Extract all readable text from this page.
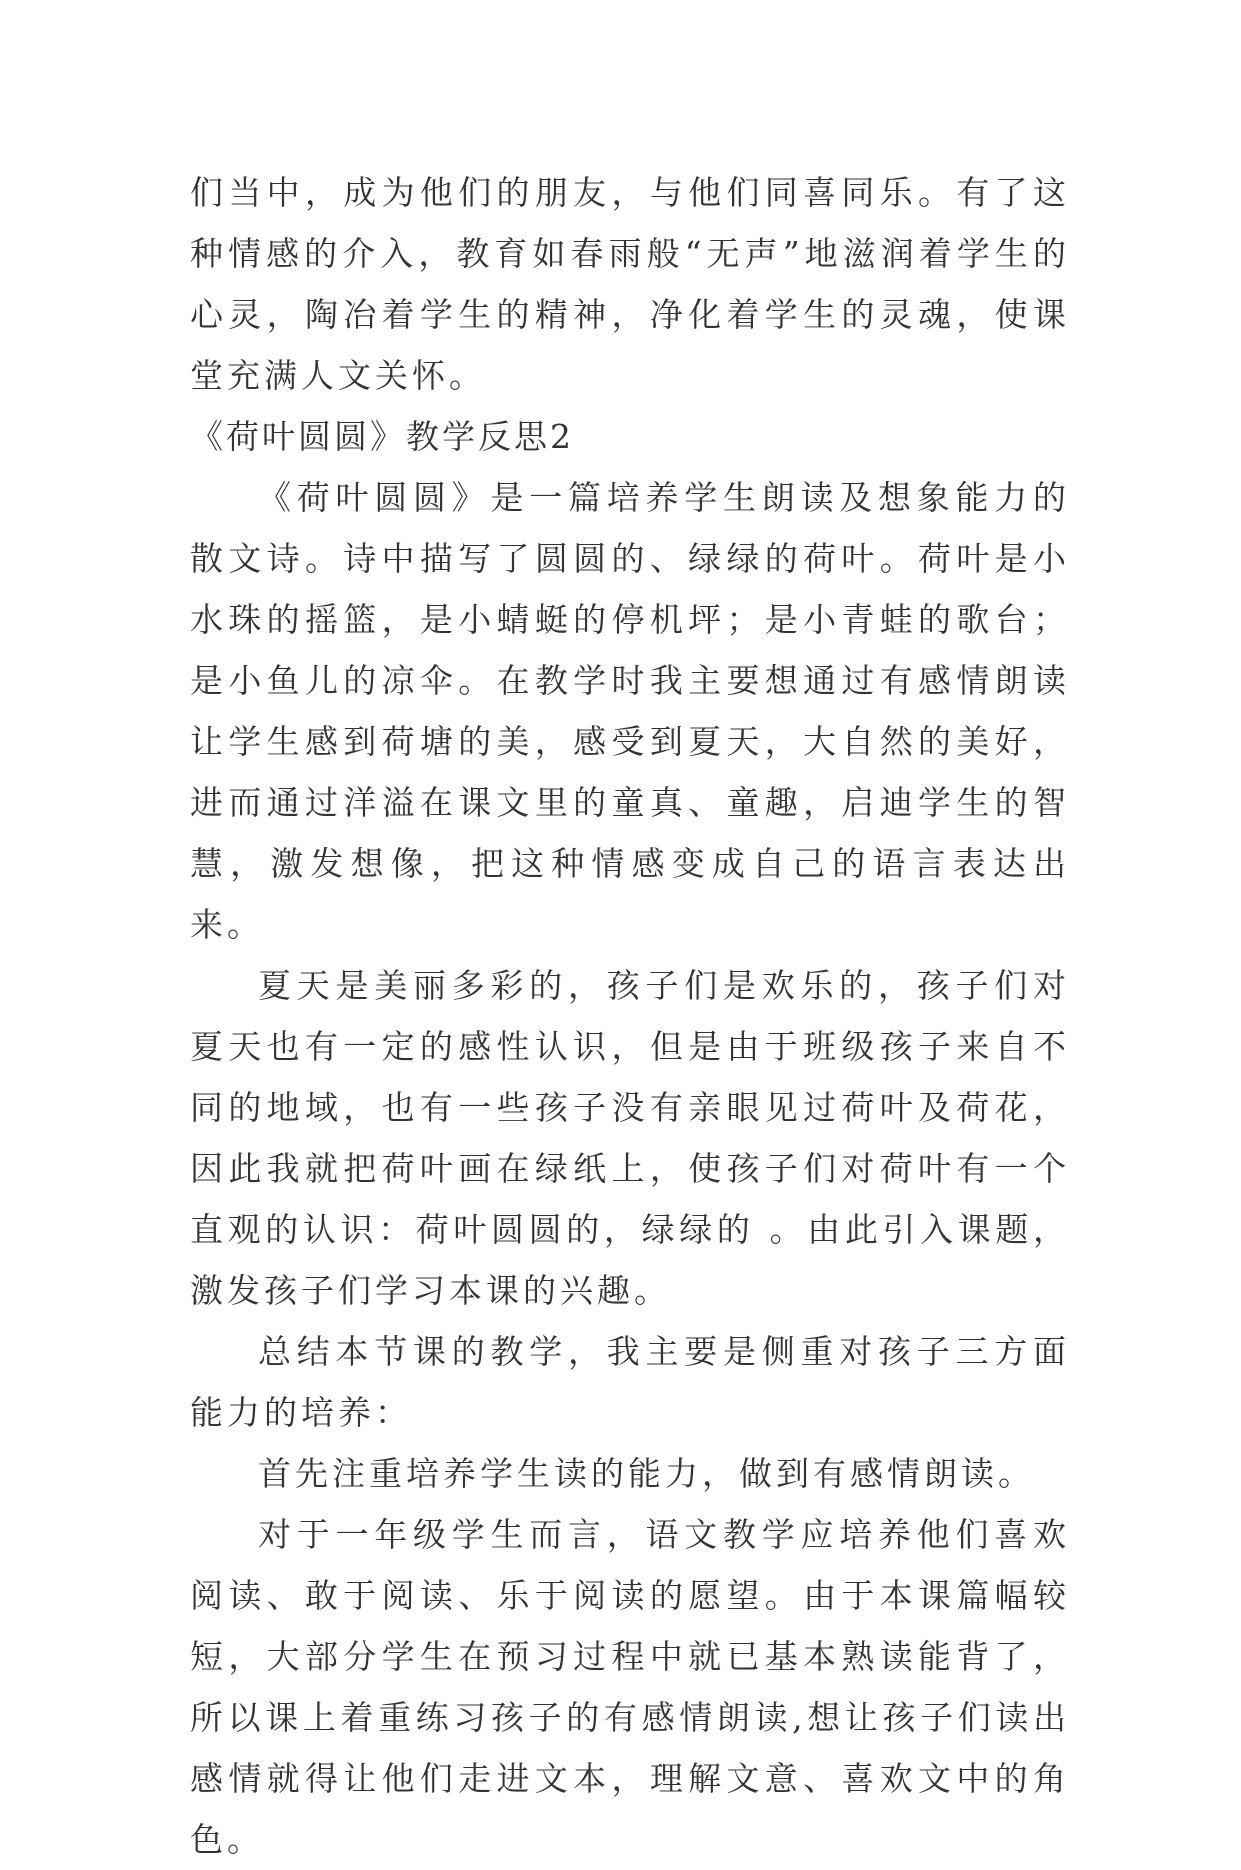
们当中，成为他们的朋友，与他们同喜同乐。有了这种情感的介入，教育如春雨般“无声”地滋润着学生的心灵，陶冶着学生的精神，净化着学生的灵魂，使课堂充满人文关怀。

《荷叶圆圆》教学反思2

《荷叶圆圆》是一篇培养学生朗读及想象能力的散文诗。诗中描写了圆圆的、绿绿的荷叶。荷叶是小水珠的摇篮，是小蜻蜓的停机坪；是小青蛙的歌台；是小鱼儿的凉伞。在教学时我主要想通过有感情朗读让学生感到荷塘的美，感受到夏天，大自然的美好，进而通过洋溢在课文里的童真、童趣，启迪学生的智慧，激发想像，把这种情感变成自己的语言表达出来。

夏天是美丽多彩的，孩子们是欢乐的，孩子们对夏天也有一定的感性认识，但是由于班级孩子来自不同的地域，也有一些孩子没有亲眼见过荷叶及荷花，因此我就把荷叶画在绿纸上，使孩子们对荷叶有一个直观的认识：荷叶圆圆的，绿绿的 。由此引入课题，激发孩子们学习本课的兴趣。

总结本节课的教学，我主要是侧重对孩子三方面能力的培养：

首先注重培养学生读的能力，做到有感情朗读。

对于一年级学生而言，语文教学应培养他们喜欢阅读、敢于阅读、乐于阅读的愿望。由于本课篇幅较短，大部分学生在预习过程中就已基本熟读能背了，所以课上着重练习孩子的有感情朗读,想让孩子们读出感情就得让他们走进文本，理解文意、喜欢文中的角色。
